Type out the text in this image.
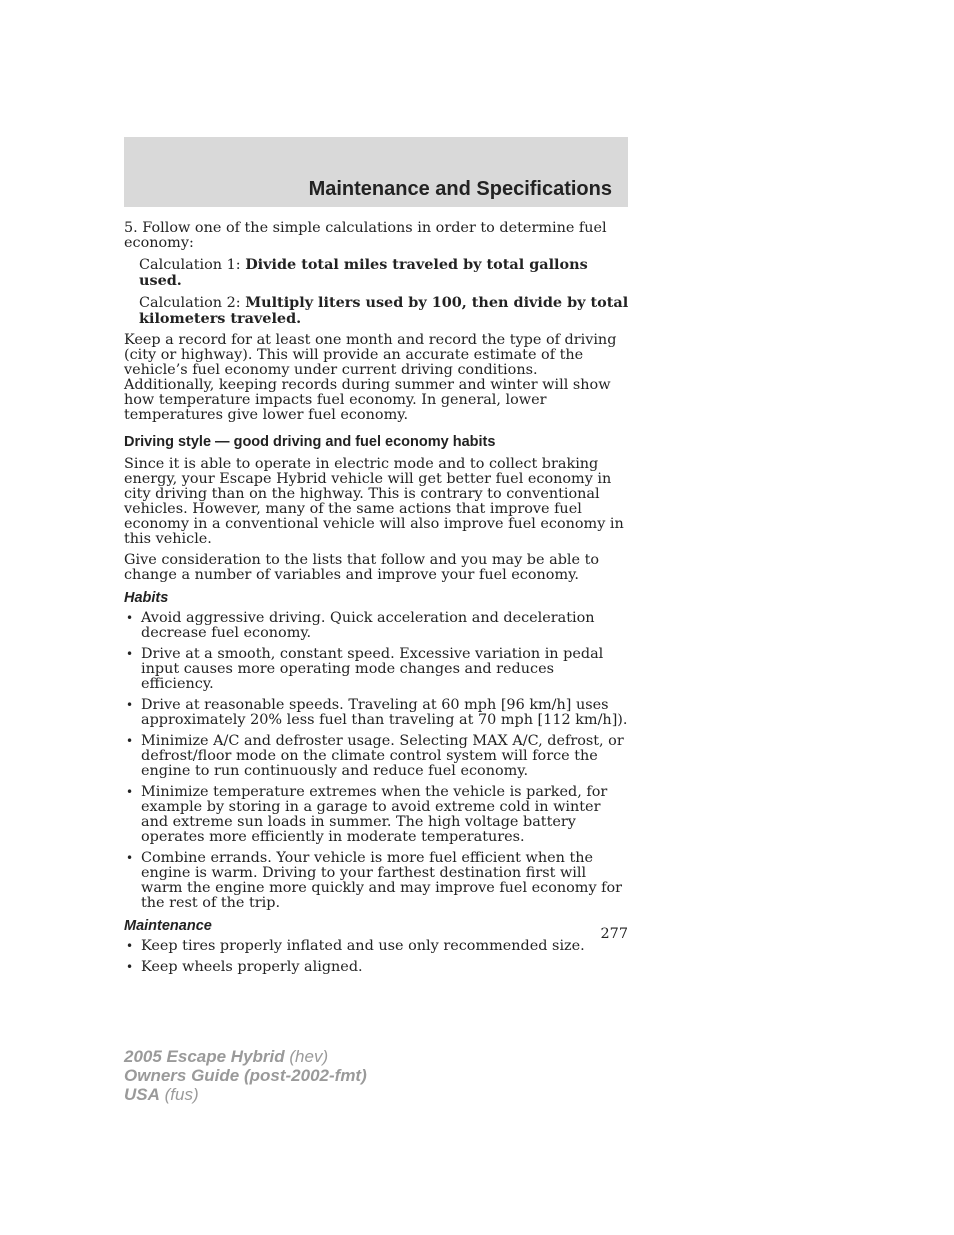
Maintenance and Specifications

5. Follow one of the simple calculations in order to determine fuel economy:

Calculation 1: Divide total miles traveled by total gallons used.

Calculation 2: Multiply liters used by 100, then divide by total kilometers traveled.

Keep a record for at least one month and record the type of driving (city or highway). This will provide an accurate estimate of the vehicle’s fuel economy under current driving conditions. Additionally, keeping records during summer and winter will show how temperature impacts fuel economy. In general, lower temperatures give lower fuel economy.

Driving style — good driving and fuel economy habits

Since it is able to operate in electric mode and to collect braking energy, your Escape Hybrid vehicle will get better fuel economy in city driving than on the highway. This is contrary to conventional vehicles. However, many of the same actions that improve fuel economy in a conventional vehicle will also improve fuel economy in this vehicle.

Give consideration to the lists that follow and you may be able to change a number of variables and improve your fuel economy.

Habits
• Avoid aggressive driving. Quick acceleration and deceleration decrease fuel economy.
• Drive at a smooth, constant speed. Excessive variation in pedal input causes more operating mode changes and reduces efficiency.
• Drive at reasonable speeds. Traveling at 60 mph [96 km/h] uses approximately 20% less fuel than traveling at 70 mph [112 km/h]).
• Minimize A/C and defroster usage. Selecting MAX A/C, defrost, or defrost/floor mode on the climate control system will force the engine to run continuously and reduce fuel economy.
• Minimize temperature extremes when the vehicle is parked, for example by storing in a garage to avoid extreme cold in winter and extreme sun loads in summer. The high voltage battery operates more efficiently in moderate temperatures.
• Combine errands. Your vehicle is more fuel efficient when the engine is warm. Driving to your farthest destination first will warm the engine more quickly and may improve fuel economy for the rest of the trip.
Maintenance
• Keep tires properly inflated and use only recommended size.
• Keep wheels properly aligned.

277

2005 Escape Hybrid (hev)
Owners Guide (post-2002-fmt)
USA (fus)
